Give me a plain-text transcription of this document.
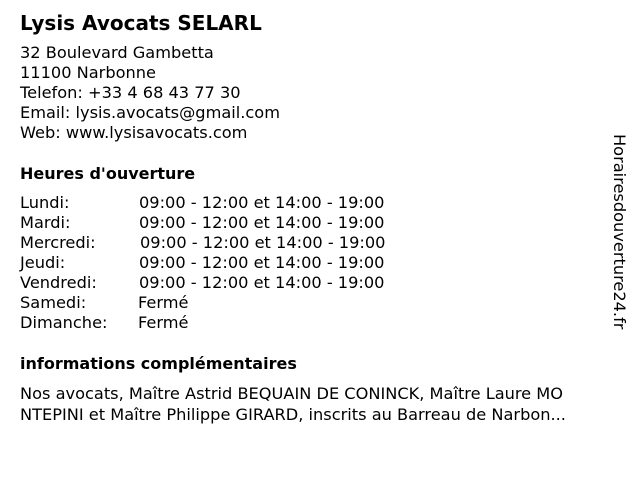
Lysis Avocats SELARL
32 Boulevard Gambetta
11100 Narbonne
Telefon: +33 4 68 43 77 30
Email: lysis.avocats@gmail.com
Web: www.lysisavocats.com
Heures d'ouverture
Lundi:	09:00 - 12:00 et 14:00 - 19:00
Mardi:	09:00 - 12:00 et 14:00 - 19:00
Mercredi:	09:00 - 12:00 et 14:00 - 19:00
Jeudi:	09:00 - 12:00 et 14:00 - 19:00
Vendredi:	09:00 - 12:00 et 14:00 - 19:00
Samedi:	Fermé
Dimanche: Fermé
informations complémentaires
Nos avocats, Maître Astrid BEQUAIN DE CONINCK, Maître Laure MO
NTEPINI et Maître Philippe GIRARD, inscrits au Barreau de Narbon...
Horairesdouverture24.fr
